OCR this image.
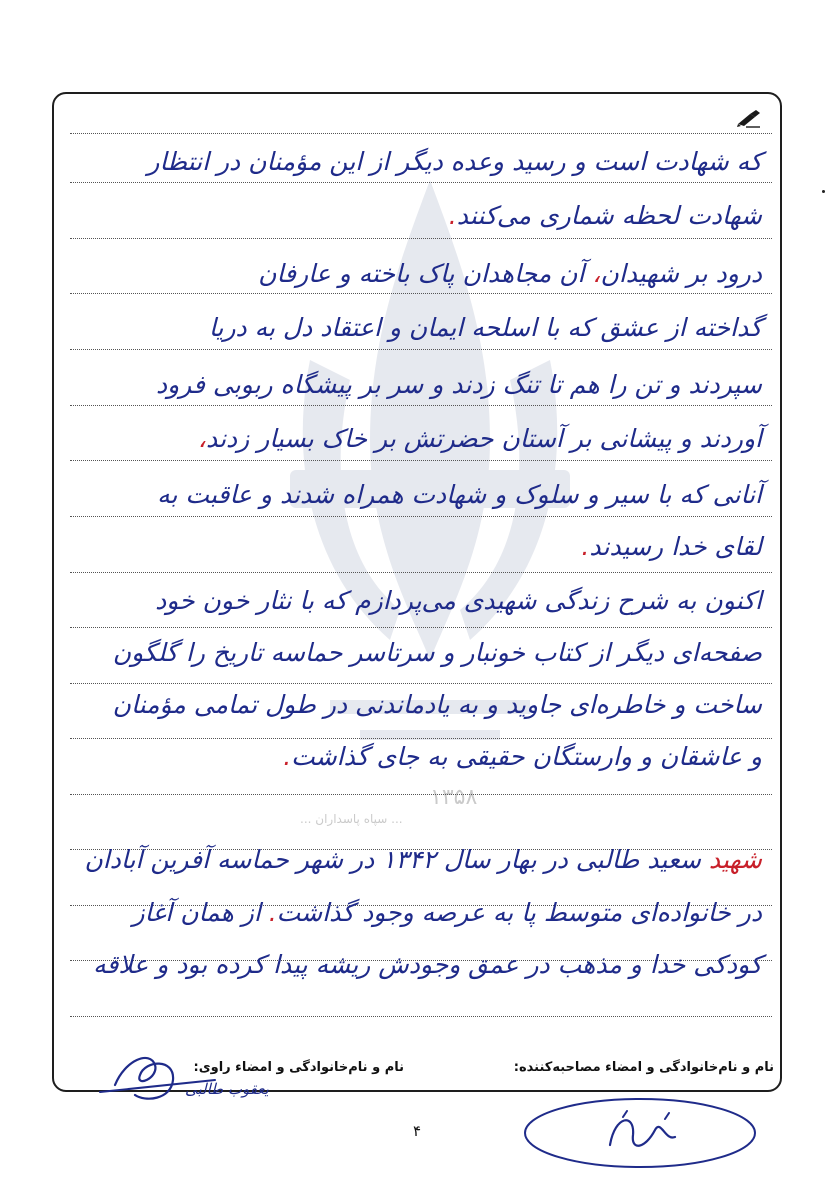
۱۳۵۸
... سپاه پاسداران ...
که شهادت است و رسید وعده دیگر از این مؤمنان در انتظار
شهادت لحظه شماری می‌کنند.
درود بر شهیدان، آن مجاهدان پاک باخته و عارفان
گداخته از عشق که با اسلحه ایمان و اعتقاد دل به دریا
سپردند و تن را هم تا تنگ زدند و سر بر پیشگاه ربوبی فرود
آوردند و پیشانی بر آستان حضرتش بر خاک بسیار زدند،
آنانی که با سیر و سلوک و شهادت همراه شدند و عاقبت به
لقای خدا رسیدند.
اکنون به شرح زندگی شهیدی می‌پردازم که با نثار خون خود
صفحه‌ای دیگر از کتاب خونبار و سرتاسر حماسه تاریخ را گلگون
ساخت و خاطره‌ای جاوید و به یادماندنی در طول تمامی مؤمنان
و عاشقان و وارستگان حقیقی به جای گذاشت.
شهید سعید طالبی در بهار سال ۱۳۴۲ در شهر حماسه آفرین آبادان
در خانواده‌ای متوسط پا به عرصه وجود گذاشت. از همان آغاز
کودکی خدا و مذهب در عمق وجودش ریشه پیدا کرده بود و علاقه
نام و نام‌خانوادگی و امضاء مصاحبه‌کننده:
نام و نام‌خانوادگی و امضاء راوی:
یعقوب طالبی
۴
